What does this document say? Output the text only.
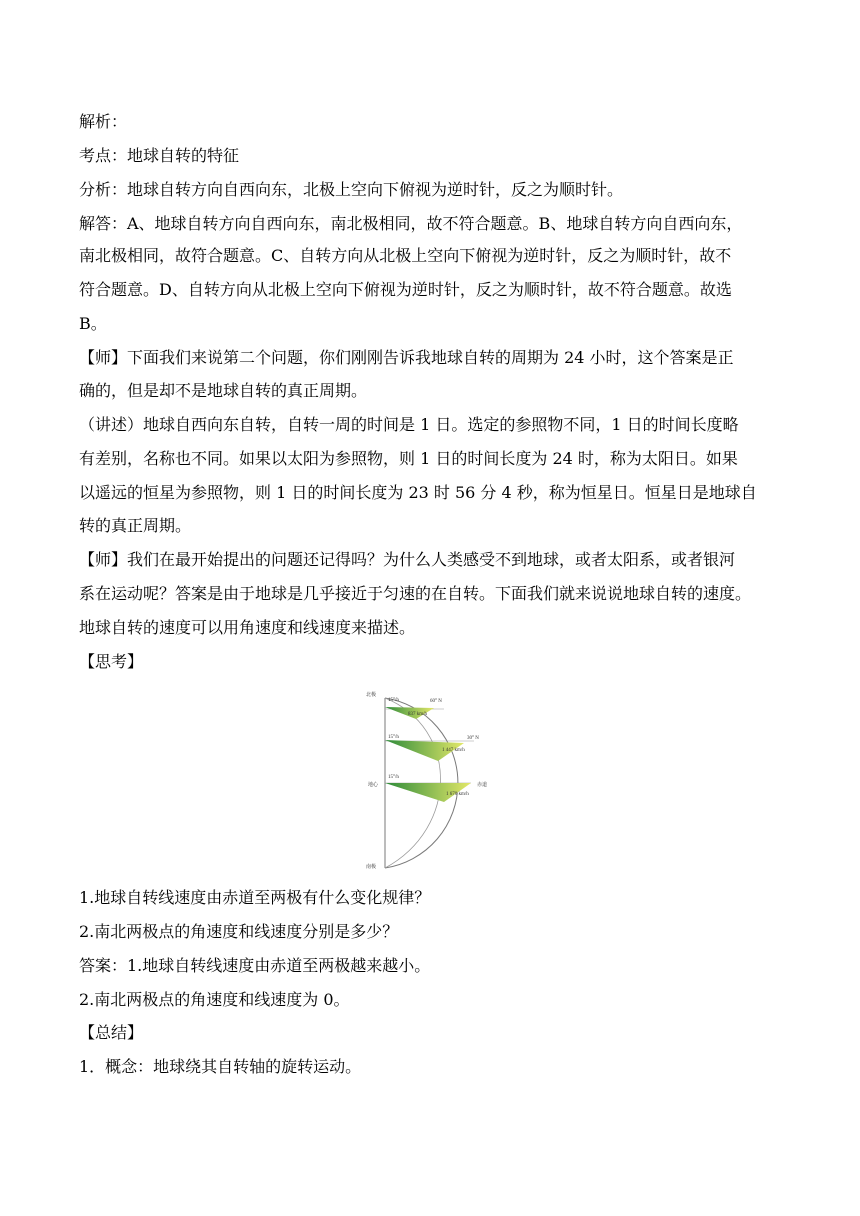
解析：
考点：地球自转的特征
分析：地球自转方向自西向东，北极上空向下俯视为逆时针，反之为顺时针。
解答：A、地球自转方向自西向东，南北极相同，故不符合题意。B、地球自转方向自西向东，
南北极相同，故符合题意。C、自转方向从北极上空向下俯视为逆时针，反之为顺时针，故不
符合题意。D、自转方向从北极上空向下俯视为逆时针，反之为顺时针，故不符合题意。故选
B。
【师】下面我们来说第二个问题，你们刚刚告诉我地球自转的周期为 24 小时，这个答案是正
确的，但是却不是地球自转的真正周期。
（讲述）地球自西向东自转，自转一周的时间是 1 日。选定的参照物不同，1 日的时间长度略
有差别，名称也不同。如果以太阳为参照物，则 1 日的时间长度为 24 时，称为太阳日。如果
以遥远的恒星为参照物，则 1 日的时间长度为 23 时 56 分 4 秒，称为恒星日。恒星日是地球自
转的真正周期。
【师】我们在最开始提出的问题还记得吗？为什么人类感受不到地球，或者太阳系，或者银河
系在运动呢？答案是由于地球是几乎接近于匀速的在自转。下面我们就来说说地球自转的速度。
地球自转的速度可以用角速度和线速度来描述。
【思考】
北极
南极
地心	赤道
60° N
30° N
15°/h
15°/h
15°/h
837 km/h
1 447 km/h
1 670 km/h
1.地球自转线速度由赤道至两极有什么变化规律？
2.南北两极点的角速度和线速度分别是多少？
答案：1.地球自转线速度由赤道至两极越来越小。
2.南北两极点的角速度和线速度为 0。
【总结】
1．概念：地球绕其自转轴的旋转运动。
